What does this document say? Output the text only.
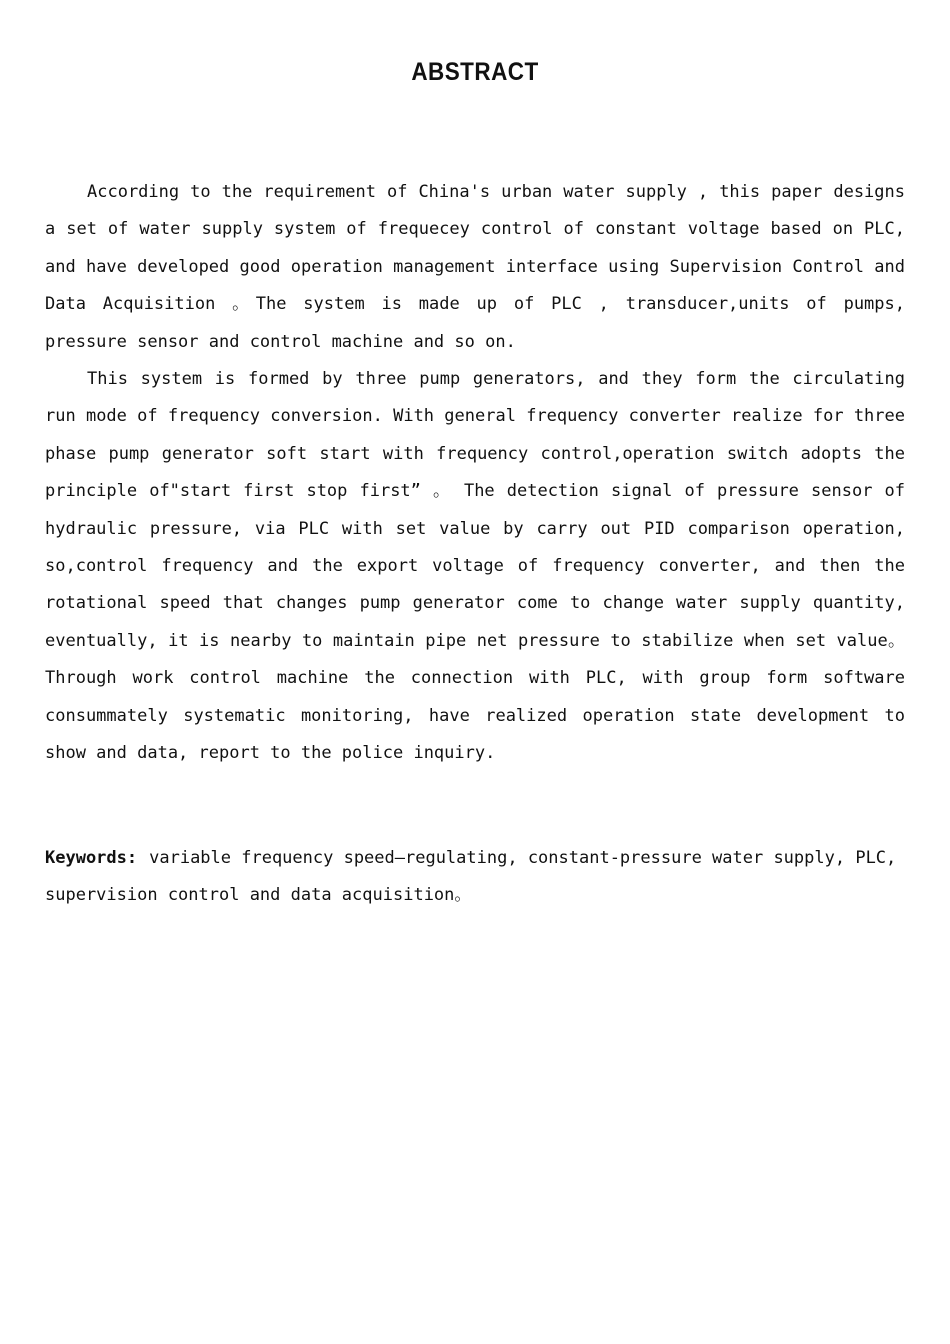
ABSTRACT

According to the requirement of China's urban water supply , this paper designs a set of water supply system of frequecey control of constant voltage based on PLC, and have developed good operation management interface using Supervision Control and Data Acquisition 。The system is made up of PLC , transducer,units of pumps, pressure sensor and control machine and so on.

This system is formed by three pump generators, and they form the circulating run mode of frequency conversion. With general frequency converter realize for three phase pump generator soft start with frequency control,operation switch adopts the principle of"start first stop first” 。 The detection signal of pressure sensor of hydraulic pressure, via PLC with set value by carry out PID comparison operation, so,control frequency and the export voltage of frequency converter, and then the rotational speed that changes pump generator come to change water supply quantity, eventually, it is nearby to maintain pipe net pressure to stabilize when set value。 Through work control machine the connection with PLC, with group form software consummately systematic monitoring, have realized operation state development to show and data, report to the police inquiry.

Keywords: variable frequency speed—regulating, constant-pressure water supply, PLC, supervision control and data acquisition。
